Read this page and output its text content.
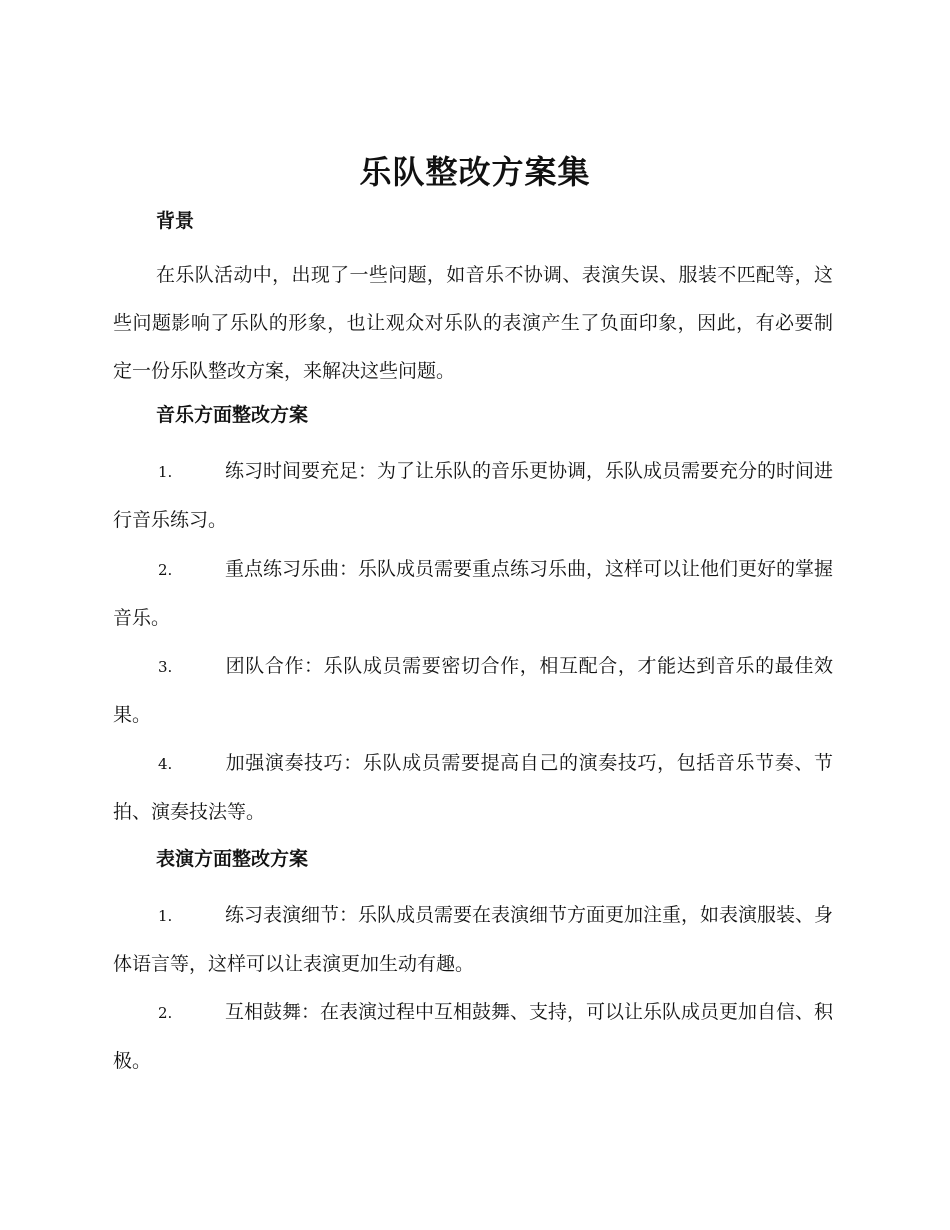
乐队整改方案集
背景
在乐队活动中，出现了一些问题，如音乐不协调、表演失误、服装不匹配等，这些问题影响了乐队的形象，也让观众对乐队的表演产生了负面印象，因此，有必要制定一份乐队整改方案，来解决这些问题。
音乐方面整改方案
1.	练习时间要充足：为了让乐队的音乐更协调，乐队成员需要充分的时间进行音乐练习。
2.	重点练习乐曲：乐队成员需要重点练习乐曲，这样可以让他们更好的掌握音乐。
3.	团队合作：乐队成员需要密切合作，相互配合，才能达到音乐的最佳效果。
4.	加强演奏技巧：乐队成员需要提高自己的演奏技巧，包括音乐节奏、节拍、演奏技法等。
表演方面整改方案
1.	练习表演细节：乐队成员需要在表演细节方面更加注重，如表演服装、身体语言等，这样可以让表演更加生动有趣。
2.	互相鼓舞：在表演过程中互相鼓舞、支持，可以让乐队成员更加自信、积极。
